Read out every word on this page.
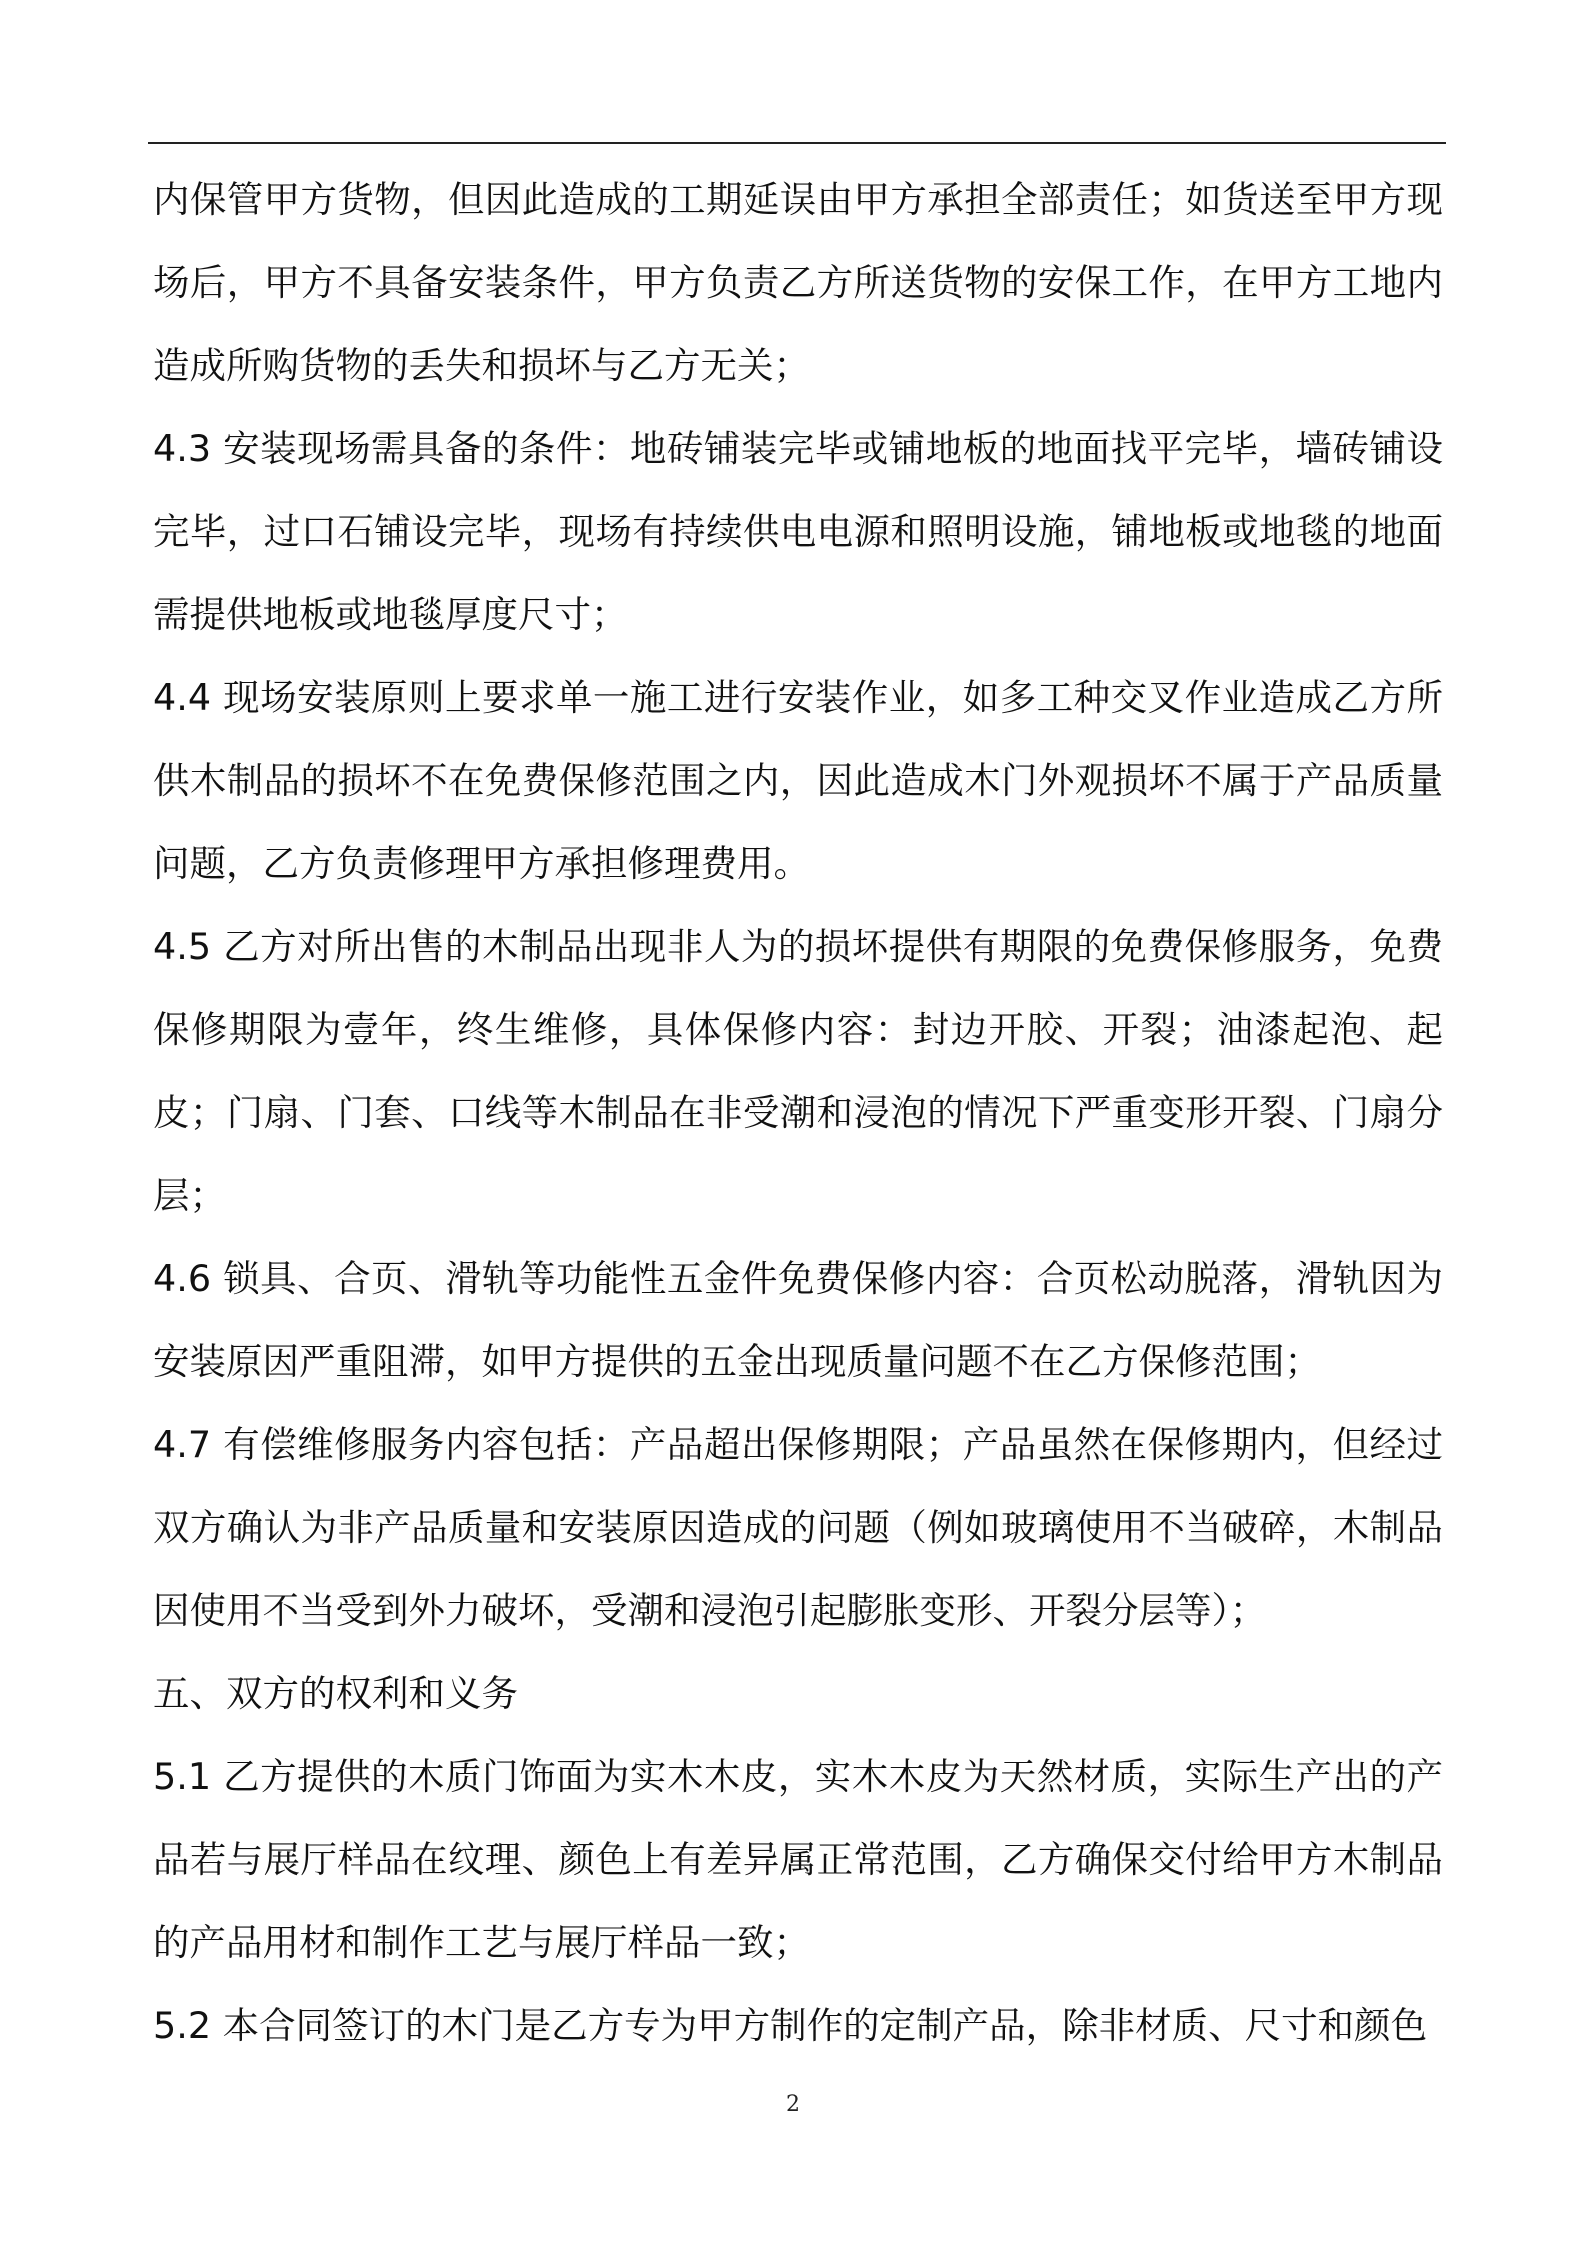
内保管甲方货物，但因此造成的工期延误由甲方承担全部责任；如货送至甲方现场后，甲方不具备安装条件，甲方负责乙方所送货物的安保工作，在甲方工地内造成所购货物的丢失和损坏与乙方无关；

4.3 安装现场需具备的条件：地砖铺装完毕或铺地板的地面找平完毕，墙砖铺设完毕，过口石铺设完毕，现场有持续供电电源和照明设施，铺地板或地毯的地面需提供地板或地毯厚度尺寸；

4.4 现场安装原则上要求单一施工进行安装作业，如多工种交叉作业造成乙方所供木制品的损坏不在免费保修范围之内，因此造成木门外观损坏不属于产品质量问题，乙方负责修理甲方承担修理费用。

4.5 乙方对所出售的木制品出现非人为的损坏提供有期限的免费保修服务，免费保修期限为壹年，终生维修，具体保修内容：封边开胶、开裂；油漆起泡、起皮；门扇、门套、口线等木制品在非受潮和浸泡的情况下严重变形开裂、门扇分层；

4.6 锁具、合页、滑轨等功能性五金件免费保修内容：合页松动脱落，滑轨因为安装原因严重阻滞，如甲方提供的五金出现质量问题不在乙方保修范围；

4.7 有偿维修服务内容包括：产品超出保修期限；产品虽然在保修期内，但经过双方确认为非产品质量和安装原因造成的问题（例如玻璃使用不当破碎，木制品因使用不当受到外力破坏，受潮和浸泡引起膨胀变形、开裂分层等）；

五、双方的权利和义务

5.1 乙方提供的木质门饰面为实木木皮，实木木皮为天然材质，实际生产出的产品若与展厅样品在纹理、颜色上有差异属正常范围，乙方确保交付给甲方木制品的产品用材和制作工艺与展厅样品一致；

5.2 本合同签订的木门是乙方专为甲方制作的定制产品，除非材质、尺寸和颜色

2
